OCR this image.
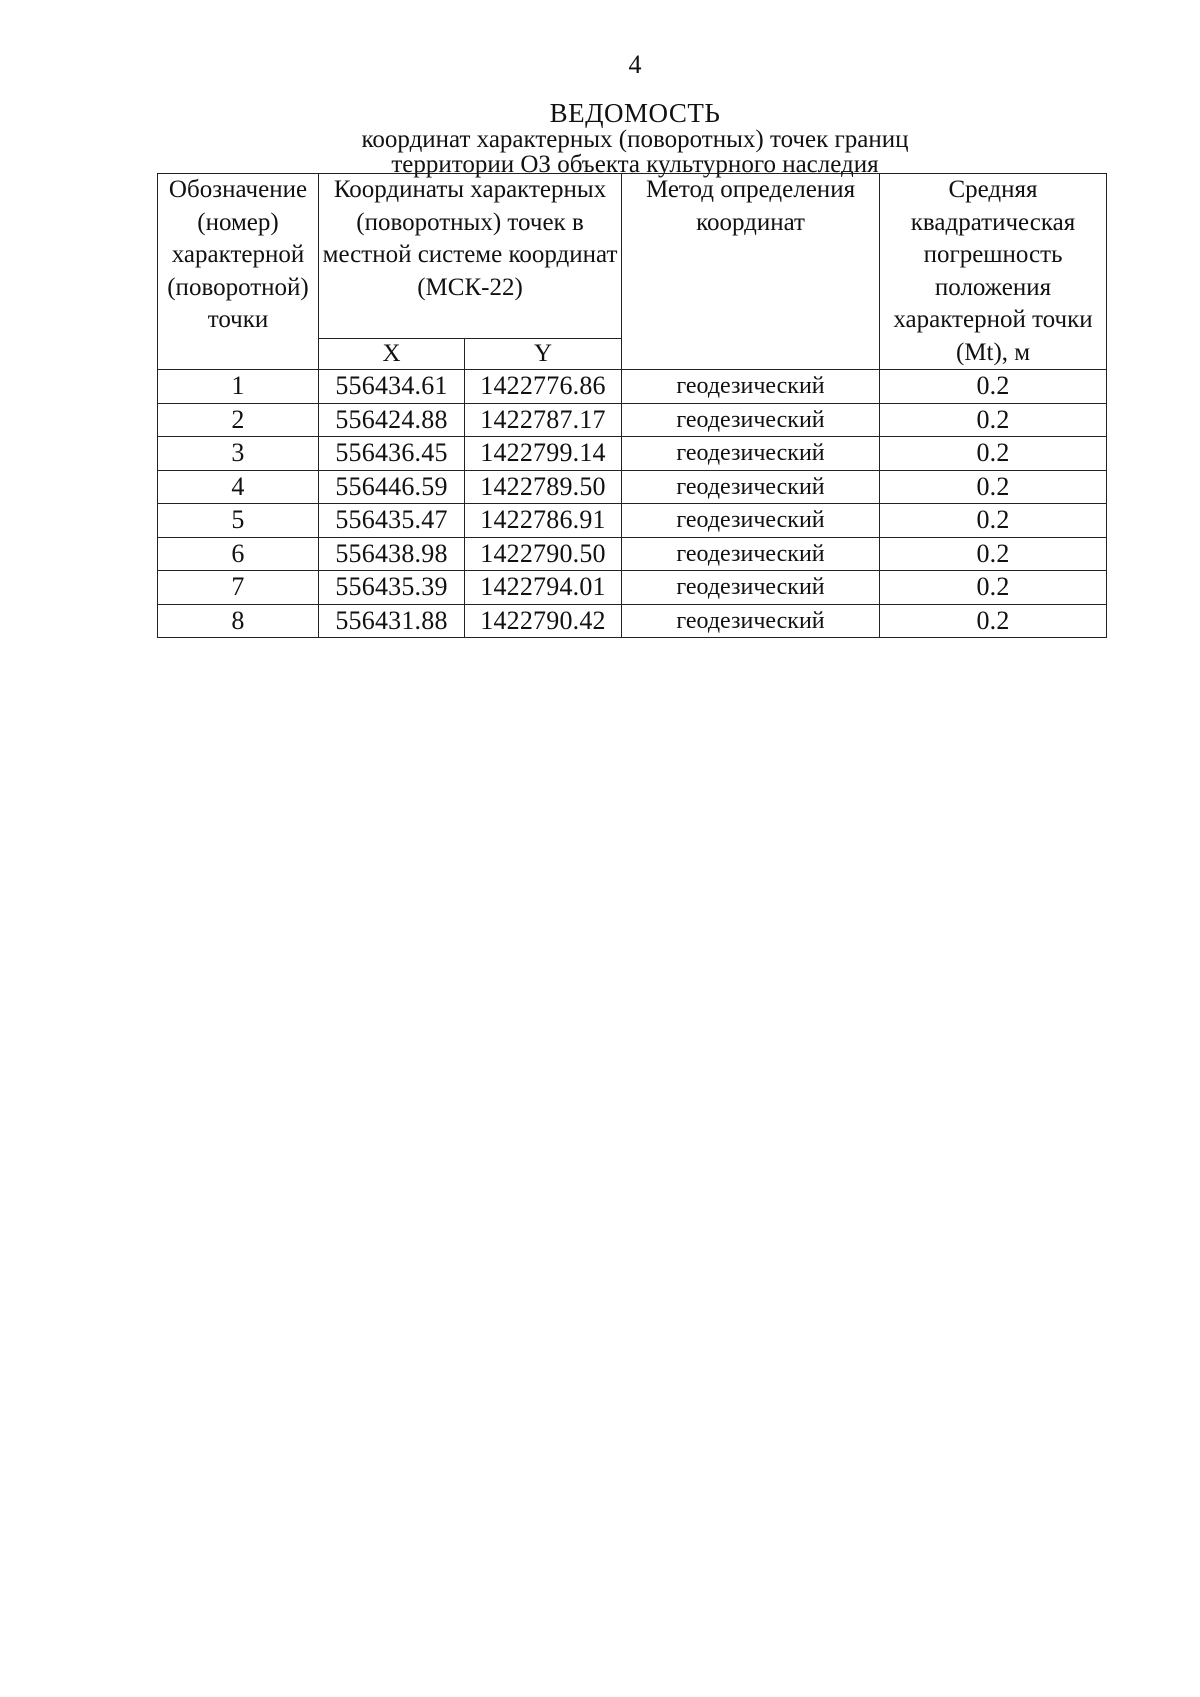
4
ВЕДОМОСТЬ
координат характерных (поворотных) точек границ
территории ОЗ объекта культурного наследия
Обозначение (номер) характерной (поворотной) точки	Координаты характерных (поворотных) точек в местной системе координат (МСК-22)		Метод определения координат	Средняя квадратическая погрешность положения характерной точки (Mt), м
	X	Y		
1	556434.61	1422776.86	геодезический	0.2
2	556424.88	1422787.17	геодезический	0.2
3	556436.45	1422799.14	геодезический	0.2
4	556446.59	1422789.50	геодезический	0.2
5	556435.47	1422786.91	геодезический	0.2
6	556438.98	1422790.50	геодезический	0.2
7	556435.39	1422794.01	геодезический	0.2
8	556431.88	1422790.42	геодезический	0.2
